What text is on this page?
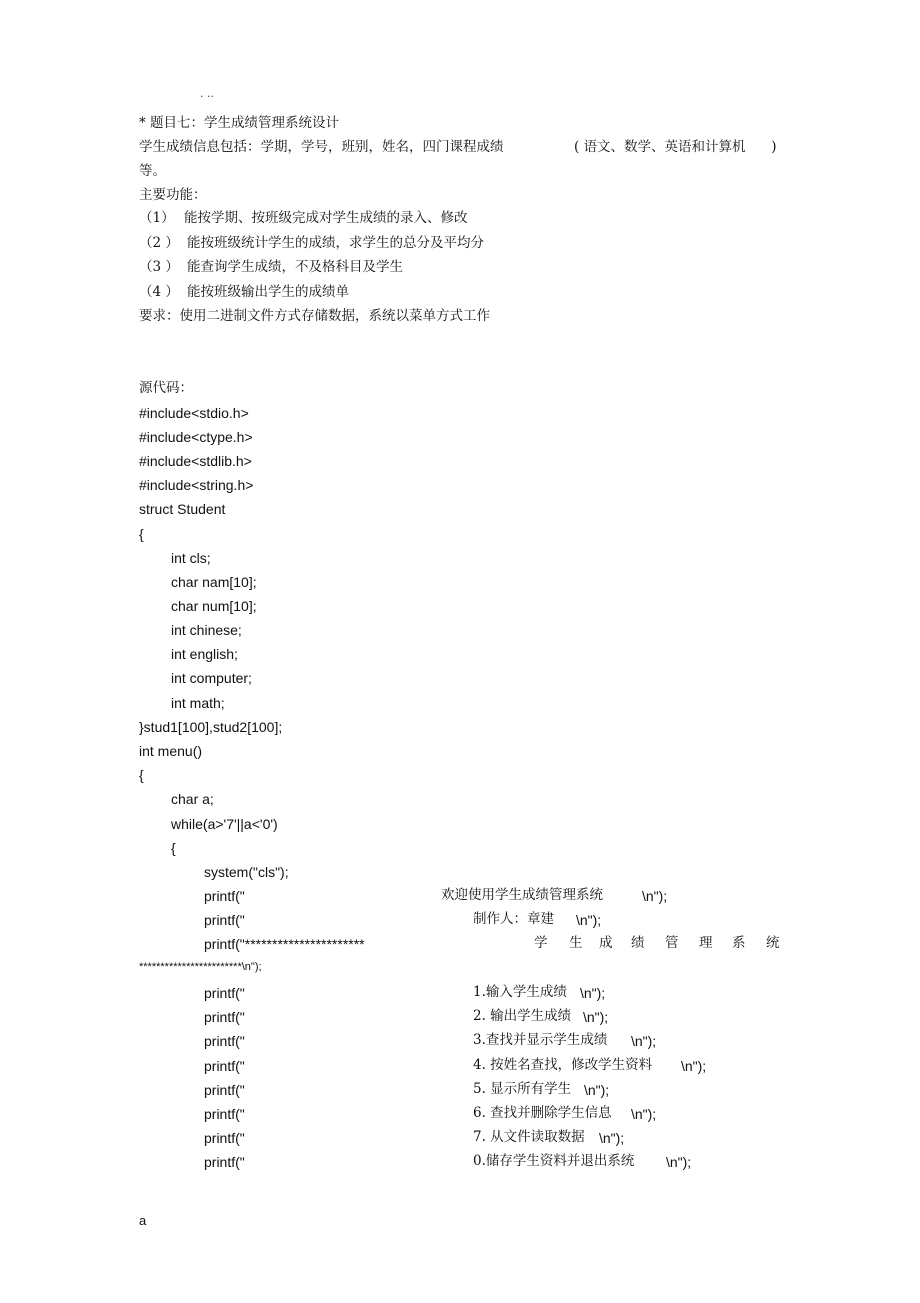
. ..
* 题目七：学生成绩管理系统设计
学生成绩信息包括：学期，学号，班别，姓名，四门课程成绩	( 语文、数学、英语和计算机      )
等。
主要功能：
（1） 能按学期、按班级完成对学生成绩的录入、修改
（2 ） 能按班级统计学生的成绩，求学生的总分及平均分
（3 ） 能查询学生成绩，不及格科目及学生
（4 ） 能按班级输出学生的成绩单
要求：使用二进制文件方式存储数据，系统以菜单方式工作
源代码：
#include<stdio.h>
#include<ctype.h>
#include<stdlib.h>
#include<string.h>
struct Student
{
int cls;
char nam[10];
char num[10];
int chinese;
int english;
int computer;
int math;
}stud1[100],stud2[100];
int menu()
{
char a;
while(a>'7'||a<'0')
{
system("cls");
printf("	欢迎使用学生成绩管理系统	\n");
printf("	制作人：章建 \n");
printf("**********************	学 生 成 绩 管 理 系 统
************************\n");
printf("	1.输入学生成绩 \n");
printf("	2. 输出学生成绩 \n");
printf("	3.查找并显示学生成绩 \n");
printf("	4. 按姓名查找，修改学生资料 \n");
printf("	5. 显示所有学生 \n");
printf("	6. 查找并删除学生信息 \n");
printf("	7. 从文件读取数据 \n");
printf("	0.储存学生资料并退出系统 \n");
a
